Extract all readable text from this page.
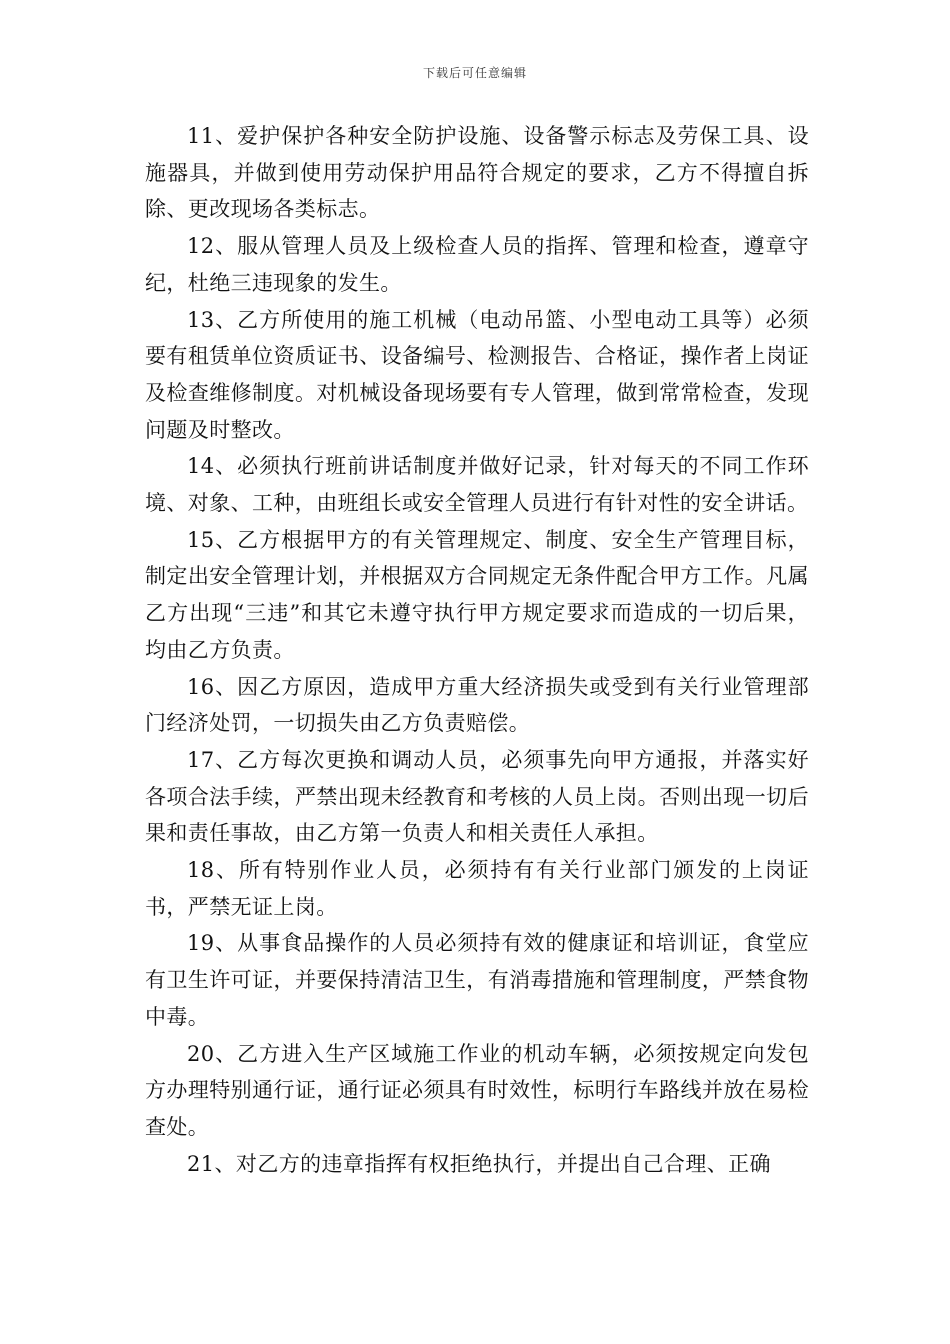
下载后可任意编辑

11、爱护保护各种安全防护设施、设备警示标志及劳保工具、设施器具，并做到使用劳动保护用品符合规定的要求，乙方不得擅自拆除、更改现场各类标志。

12、服从管理人员及上级检查人员的指挥、管理和检查，遵章守纪，杜绝三违现象的发生。

13、乙方所使用的施工机械（电动吊篮、小型电动工具等）必须要有租赁单位资质证书、设备编号、检测报告、合格证，操作者上岗证及检查维修制度。对机械设备现场要有专人管理，做到常常检查，发现问题及时整改。

14、必须执行班前讲话制度并做好记录，针对每天的不同工作环境、对象、工种，由班组长或安全管理人员进行有针对性的安全讲话。

15、乙方根据甲方的有关管理规定、制度、安全生产管理目标，制定出安全管理计划，并根据双方合同规定无条件配合甲方工作。凡属乙方出现“三违”和其它未遵守执行甲方规定要求而造成的一切后果，均由乙方负责。

16、因乙方原因，造成甲方重大经济损失或受到有关行业管理部门经济处罚，一切损失由乙方负责赔偿。

17、乙方每次更换和调动人员，必须事先向甲方通报，并落实好各项合法手续，严禁出现未经教育和考核的人员上岗。否则出现一切后果和责任事故，由乙方第一负责人和相关责任人承担。

18、所有特别作业人员，必须持有有关行业部门颁发的上岗证书，严禁无证上岗。

19、从事食品操作的人员必须持有效的健康证和培训证，食堂应有卫生许可证，并要保持清洁卫生，有消毒措施和管理制度，严禁食物中毒。

20、乙方进入生产区域施工作业的机动车辆，必须按规定向发包方办理特别通行证，通行证必须具有时效性，标明行车路线并放在易检查处。

21、对乙方的违章指挥有权拒绝执行，并提出自己合理、正确
